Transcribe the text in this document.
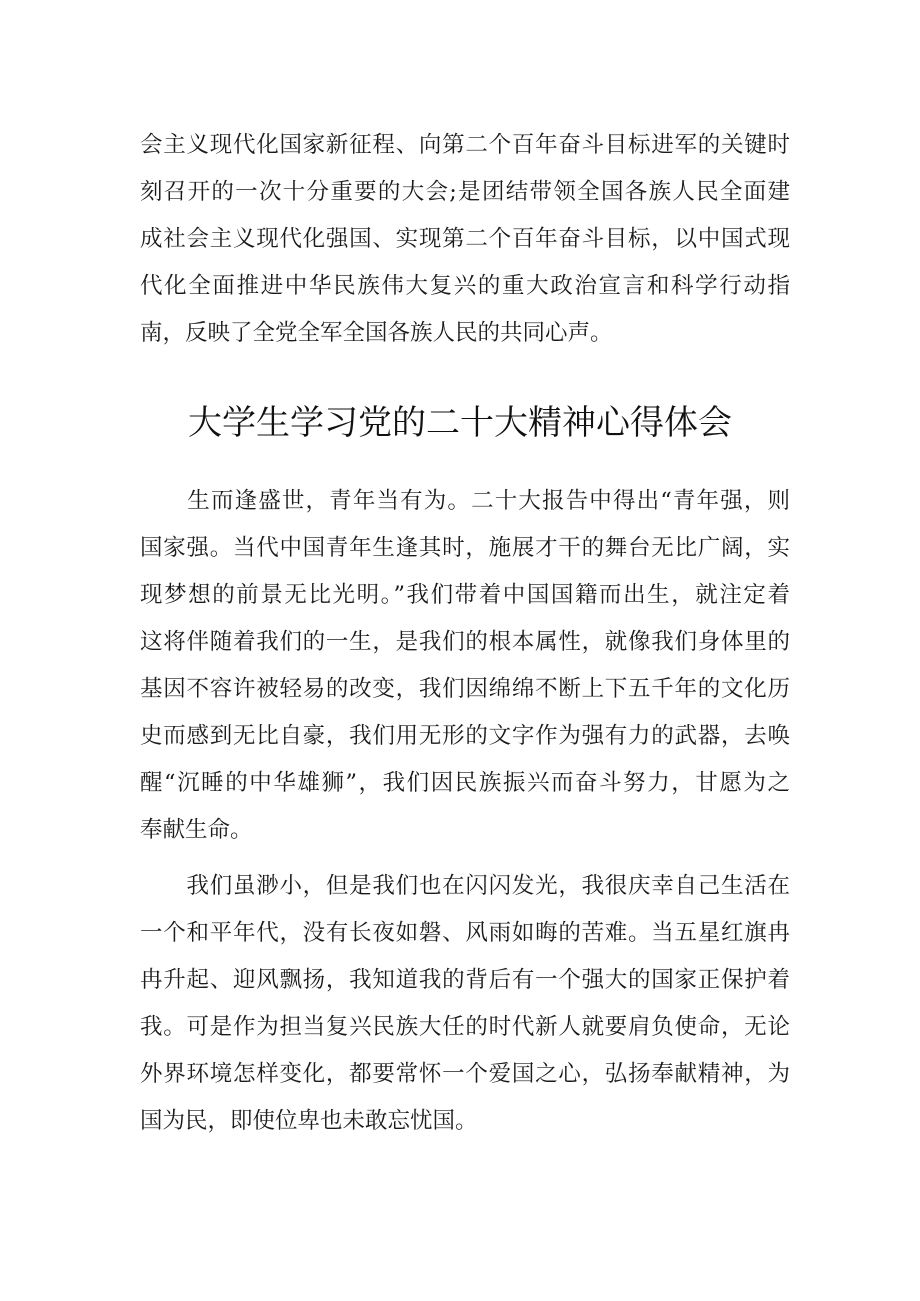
会主义现代化国家新征程、向第二个百年奋斗目标进军的关键时
刻召开的一次十分重要的大会;是团结带领全国各族人民全面建
成社会主义现代化强国、实现第二个百年奋斗目标，以中国式现
代化全面推进中华民族伟大复兴的重大政治宣言和科学行动指
南，反映了全党全军全国各族人民的共同心声。
大学生学习党的二十大精神心得体会
　　生而逢盛世，青年当有为。二十大报告中得出“青年强，则
国家强。当代中国青年生逢其时，施展才干的舞台无比广阔，实
现梦想的前景无比光明。”我们带着中国国籍而出生，就注定着
这将伴随着我们的一生，是我们的根本属性，就像我们身体里的
基因不容许被轻易的改变，我们因绵绵不断上下五千年的文化历
史而感到无比自豪，我们用无形的文字作为强有力的武器，去唤
醒“沉睡的中华雄狮”，我们因民族振兴而奋斗努力，甘愿为之
奉献生命。
　　我们虽渺小，但是我们也在闪闪发光，我很庆幸自己生活在
一个和平年代，没有长夜如磐、风雨如晦的苦难。当五星红旗冉
冉升起、迎风飘扬，我知道我的背后有一个强大的国家正保护着
我。可是作为担当复兴民族大任的时代新人就要肩负使命，无论
外界环境怎样变化，都要常怀一个爱国之心，弘扬奉献精神，为
国为民，即使位卑也未敢忘忧国。
